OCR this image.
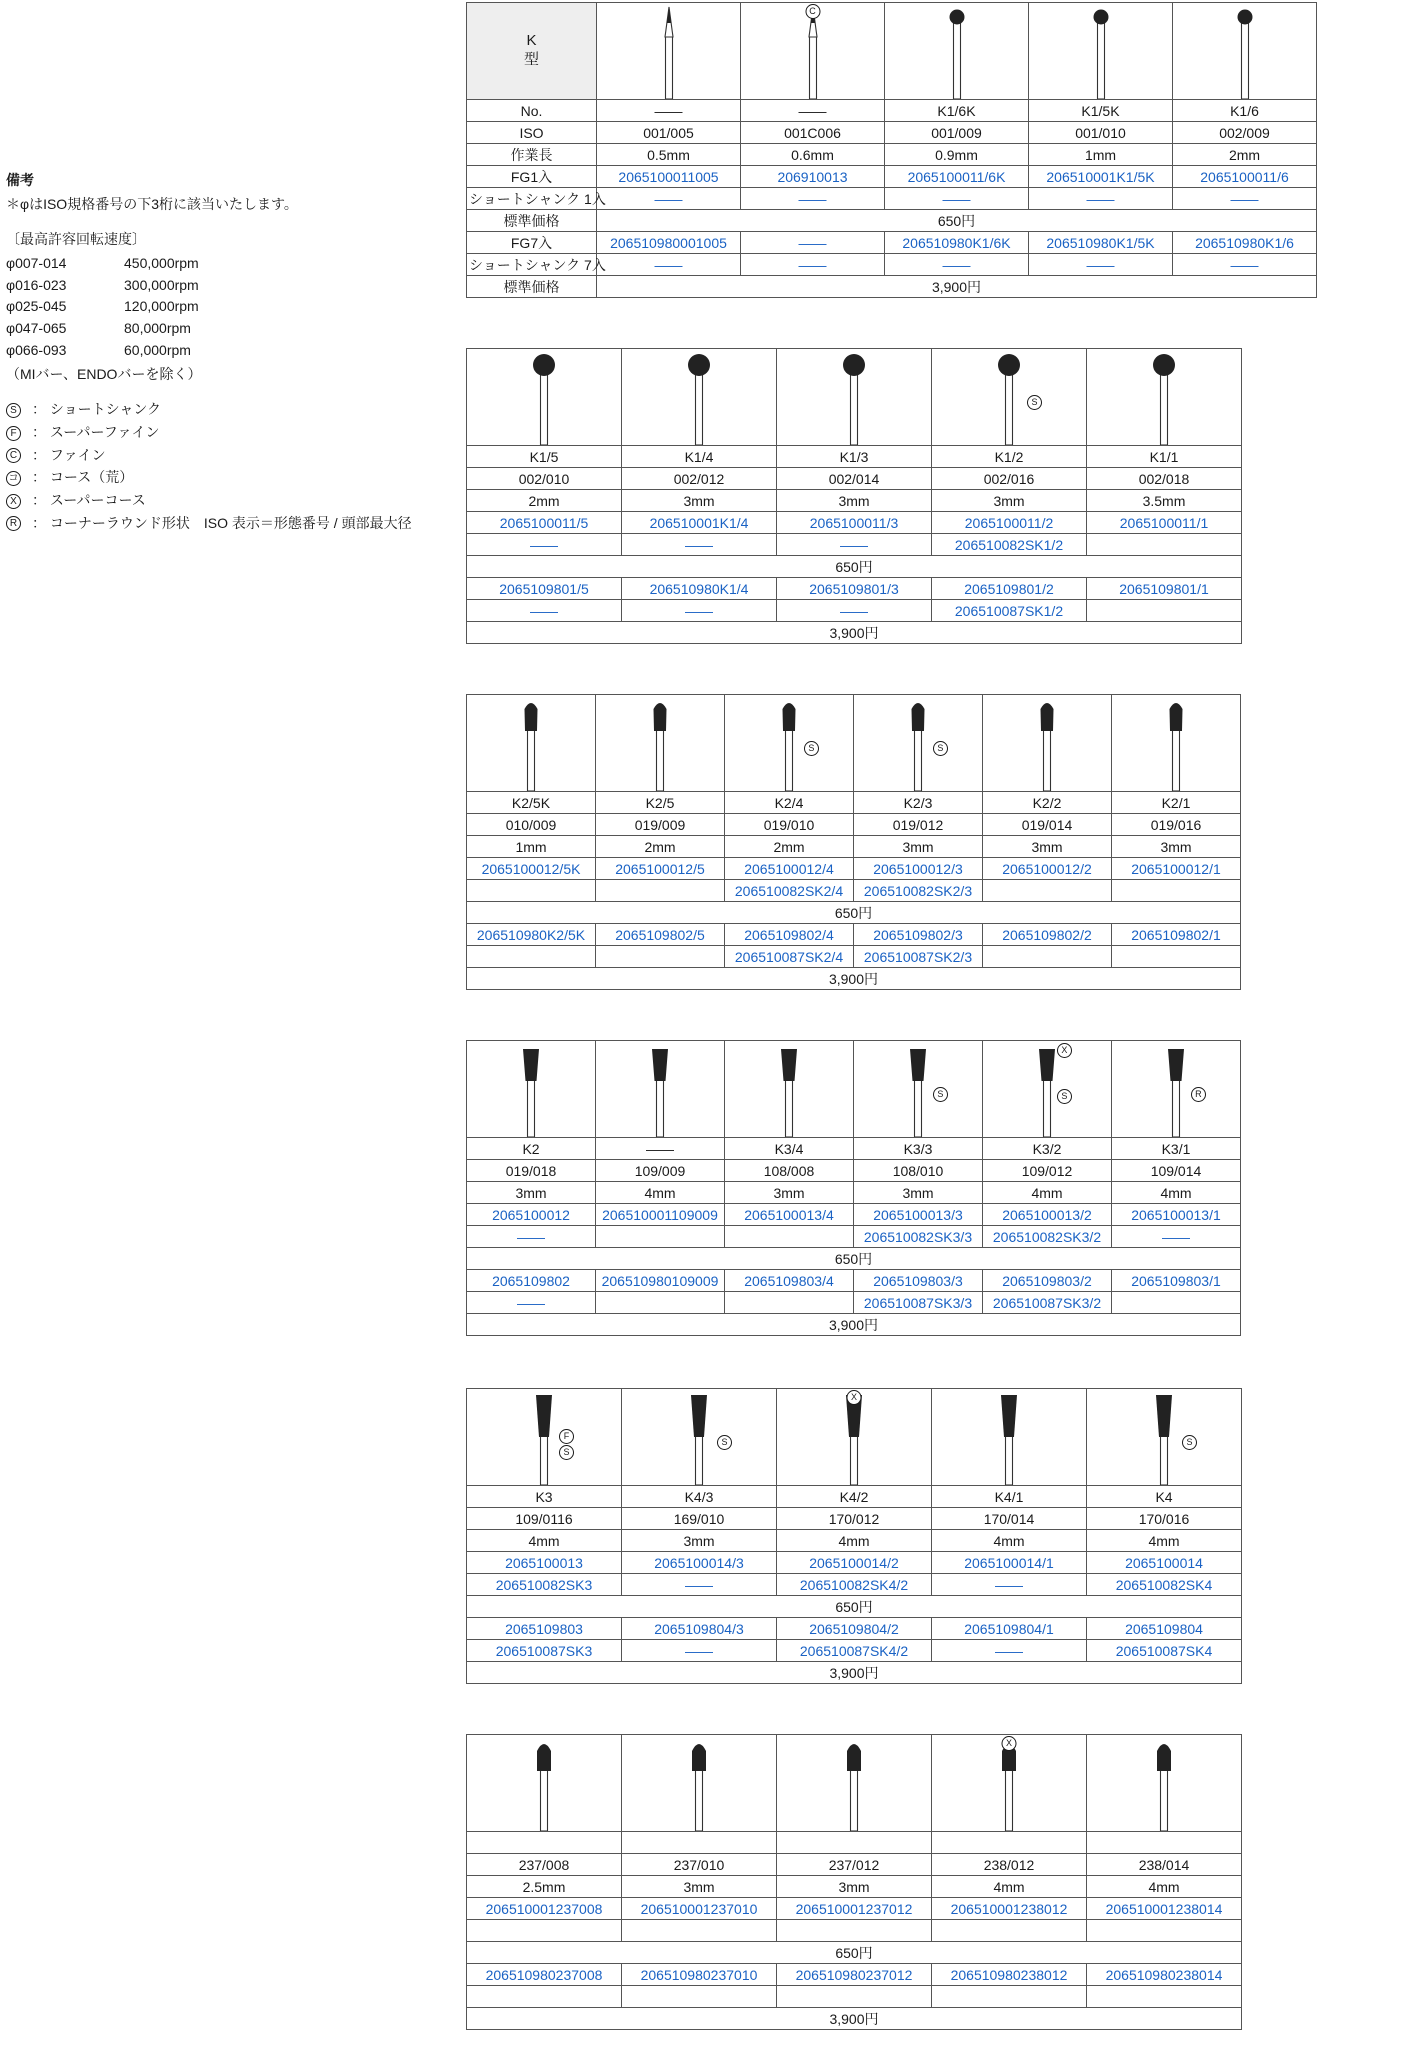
備考
＊φはISO規格番号の下3桁に該当いたします。
〔最高許容回転速度〕
φ007-014	450,000rpm
φ016-023	300,000rpm
φ025-045	120,000rpm
φ047-065	80,000rpm
φ066-093	60,000rpm
（MIバー、ENDOバーを除く）
S	： ショートシャンク
F	： スーパーファイン
C	： ファイン
コ ： コース（荒）
X	： スーパーコース
R	： コーナーラウンド形状　ISO 表示＝形態番号 / 頭部最大径
K
型		C

No.	——	——	K1/6K	K1/5K	K1/6
ISO	001/005	001C006	001/009	001/010	002/009
作業長	0.5mm	0.6mm	0.9mm	1mm	2mm
FG1入	2065100011005	206910013	2065100011/6K	206510001K1/5K	2065100011/6
ショートシャンク 1入	——	——	——	——	——
標準価格	650円				
FG7入	206510980001005	——	206510980K1/6K	206510980K1/5K	206510980K1/6
ショートシャンク 7入	——	——	——	——	——
標準価格	3,900円				

S

K1/5	K1/4	K1/3	K1/2	K1/1
002/010	002/012	002/014	002/016	002/018
2mm	3mm	3mm	3mm	3.5mm
2065100011/5	206510001K1/4	2065100011/3	2065100011/2	2065100011/1
——	——	——	206510082SK1/2	
650円				
2065109801/5	206510980K1/4	2065109801/3	2065109801/2	2065109801/1
——	——	——	206510087SK1/2	
3,900円				

S	S

K2/5K	K2/5	K2/4	K2/3	K2/2	K2/1
010/009	019/009	019/010	019/012	019/014	019/016
1mm	2mm	2mm	3mm	3mm	3mm
2065100012/5K	2065100012/5	2065100012/4	2065100012/3	2065100012/2	2065100012/1
		206510082SK2/4	206510082SK2/3		
650円					
206510980K2/5K	2065109802/5	2065109802/4	2065109802/3	2065109802/2	2065109802/1
		206510087SK2/4	206510087SK2/3		
3,900円					

S	X
S	R

K2	——	K3/4	K3/3	K3/2	K3/1
019/018	109/009	108/008	108/010	109/012	109/014
3mm	4mm	3mm	3mm	4mm	4mm
2065100012	206510001109009	2065100013/4	2065100013/3	2065100013/2	2065100013/1
——			206510082SK3/3	206510082SK3/2	——
650円					
2065109802	206510980109009	2065109803/4	2065109803/3	2065109803/2	2065109803/1
——			206510087SK3/3	206510087SK3/2	
3,900円					
F
S	S	X		S

K3	K4/3	K4/2	K4/1	K4
109/0116	169/010	170/012	170/014	170/016
4mm	3mm	4mm	4mm	4mm
2065100013	2065100014/3	2065100014/2	2065100014/1	2065100014
206510082SK3	——	206510082SK4/2	——	206510082SK4
650円				
2065109803	2065109804/3	2065109804/2	2065109804/1	2065109804
206510087SK3	——	206510087SK4/2	——	206510087SK4
3,900円				

X

237/008	237/010	237/012	238/012	238/014
2.5mm	3mm	3mm	4mm	4mm
206510001237008	206510001237010	206510001237012	206510001238012	206510001238014

650円				
206510980237008	206510980237010	206510980237012	206510980238012	206510980238014

3,900円				
